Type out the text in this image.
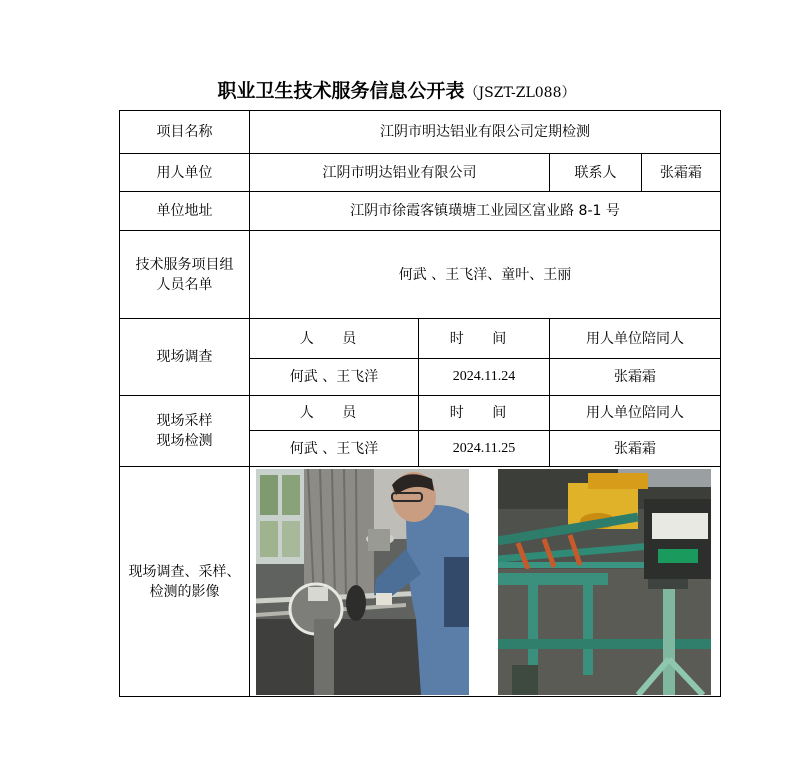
职业卫生技术服务信息公开表（JSZT-ZL088）
项目名称	江阴市明达铝业有限公司定期检测			
用人单位	江阴市明达铝业有限公司		联系人	张霜霜
单位地址	江阴市徐霞客镇璜塘工业园区富业路 8-1 号			

技术服务项目组
人员名单	何武 、王飞洋、童叶、王丽			
现场调查	人 员	时 间	用人单位陪同人	
	何武 、王飞洋	2024.11.24	张霜霜	

现场采样
现场检测	人 员	时 间	用人单位陪同人	
	何武 、王飞洋	2024.11.25	张霜霜	

现场调查、采样、
检测的影像
